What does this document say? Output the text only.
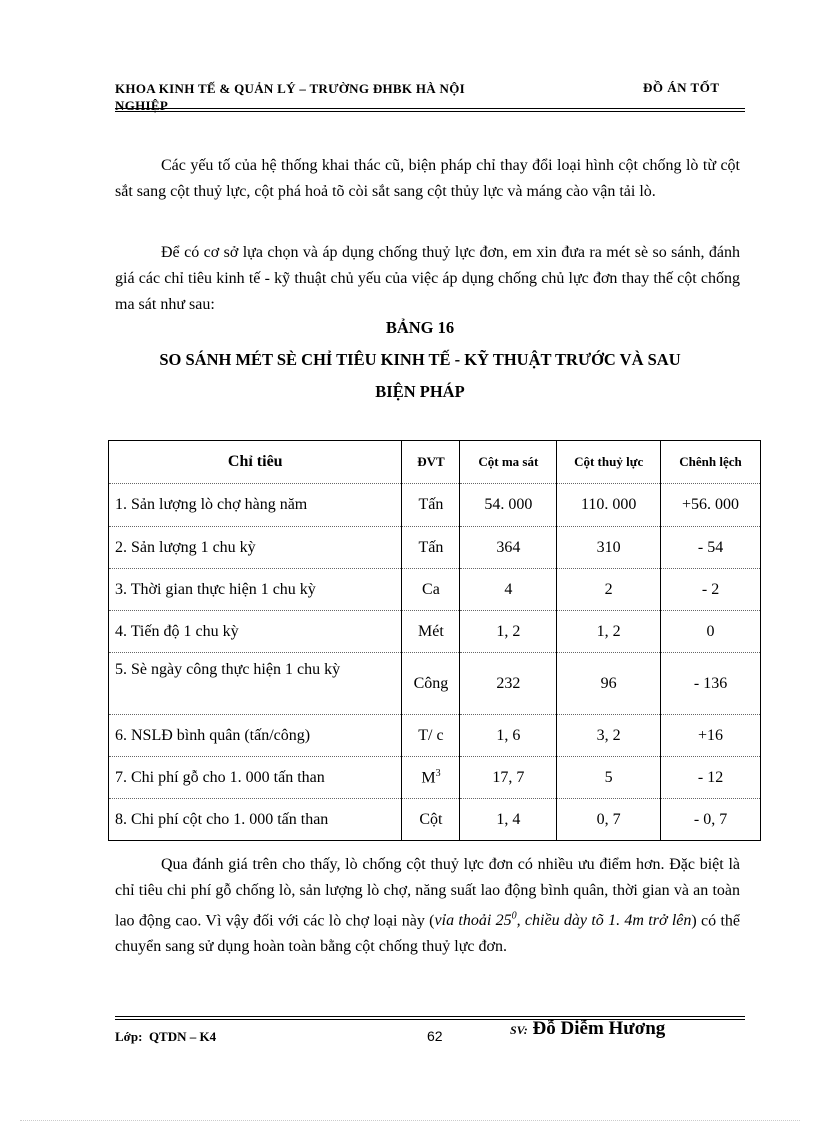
KHOA KINH TẾ & QUẢN LÝ – TRƯỜNG ĐHBK HÀ NỘI
NGHIỆP
ĐỒ ÁN TỐT

Các yếu tố của hệ thống khai thác cũ, biện pháp chỉ thay đổi loại hình cột chống lò từ cột sắt sang cột thuỷ lực, cột phá hoả tõ còi sắt sang cột thủy lực và máng cào vận tải lò.

Để có cơ sở lựa chọn và áp dụng chống thuỷ lực đơn, em xin đưa ra mét sè so sánh, đánh giá các chỉ tiêu kinh tế - kỹ thuật chủ yếu của việc áp dụng chống chủ lực đơn thay thế cột chống ma sát như sau:

BẢNG 16
SO SÁNH MÉT SÈ CHỈ TIÊU KINH TẾ - KỸ THUẬT TRƯỚC VÀ SAU
BIỆN PHÁP
Chỉ tiêu	ĐVT	Cột ma sát	Cột thuỷ lực	Chênh lệch
1. Sản lượng lò chợ hàng năm	Tấn	54. 000	110. 000	+56. 000
2. Sản lượng 1 chu kỳ	Tấn	364	310	- 54
3. Thời gian thực hiện 1 chu kỳ	Ca	4	2	- 2
4. Tiến độ 1 chu kỳ	Mét	1, 2	1, 2	0
5. Sè ngày công thực hiện 1 chu kỳ	Công	232	96	- 136
6. NSLĐ bình quân (tấn/công)	T/ c	1, 6	3, 2	+16
7. Chi phí gỗ cho 1. 000 tấn than	$M^3$	17, 7	5	- 12
8. Chi phí cột cho 1. 000 tấn than	Cột	1, 4	0, 7	- 0, 7

Qua đánh giá trên cho thấy, lò chống cột thuỷ lực đơn có nhiều ưu điểm hơn. Đặc biệt là chỉ tiêu chi phí gỗ chống lò, sản lượng lò chợ, năng suất lao động bình quân, thời gian và an toàn lao động cao. Vì vậy đối với các lò chợ loại này (vỉa thoải $25^0$, chiều dày tõ 1. 4m trở lên) có thể chuyển sang sử dụng hoàn toàn bằng cột chống thuỷ lực đơn.

Lớp: QTDN – K4	62	SV: Đỗ Diễm Hương
